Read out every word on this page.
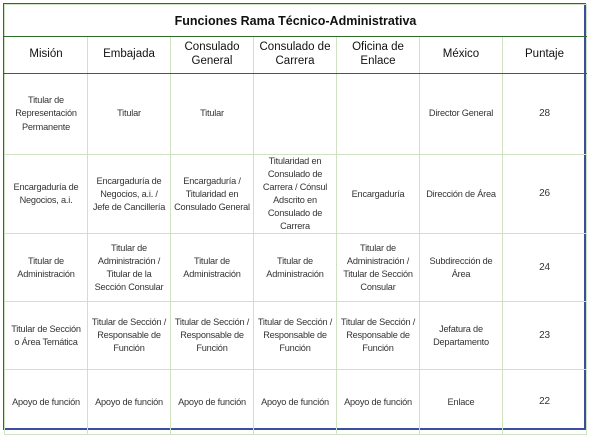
Funciones Rama Técnico-Administrativa						
Misión	Embajada	Consulado General	Consulado de Carrera	Oficina de Enlace	México	Puntaje
Titular de Representación Permanente	Titular	Titular			Director General	28
Encargaduría de Negocios, a.i.	Encargaduría de Negocios, a.i. / Jefe de Cancillería	Encargaduría / Titularidad en Consulado General	Titularidad en Consulado de Carrera / Cónsul Adscrito en Consulado de Carrera	Encargaduría	Dirección de Área	26
Titular de Administración	Titular de Administración / Titular de la Sección Consular	Titular de Administración	Titular de Administración	Titular de Administración / Titular de Sección Consular	Subdirección de Área	24
Titular de Sección o Área Temática	Titular de Sección / Responsable de Función	Titular de Sección / Responsable de Función	Titular de Sección / Responsable de Función	Titular de Sección / Responsable de Función	Jefatura de Departamento	23
Apoyo de función	Apoyo de función	Apoyo de función	Apoyo de función	Apoyo de función	Enlace	22
